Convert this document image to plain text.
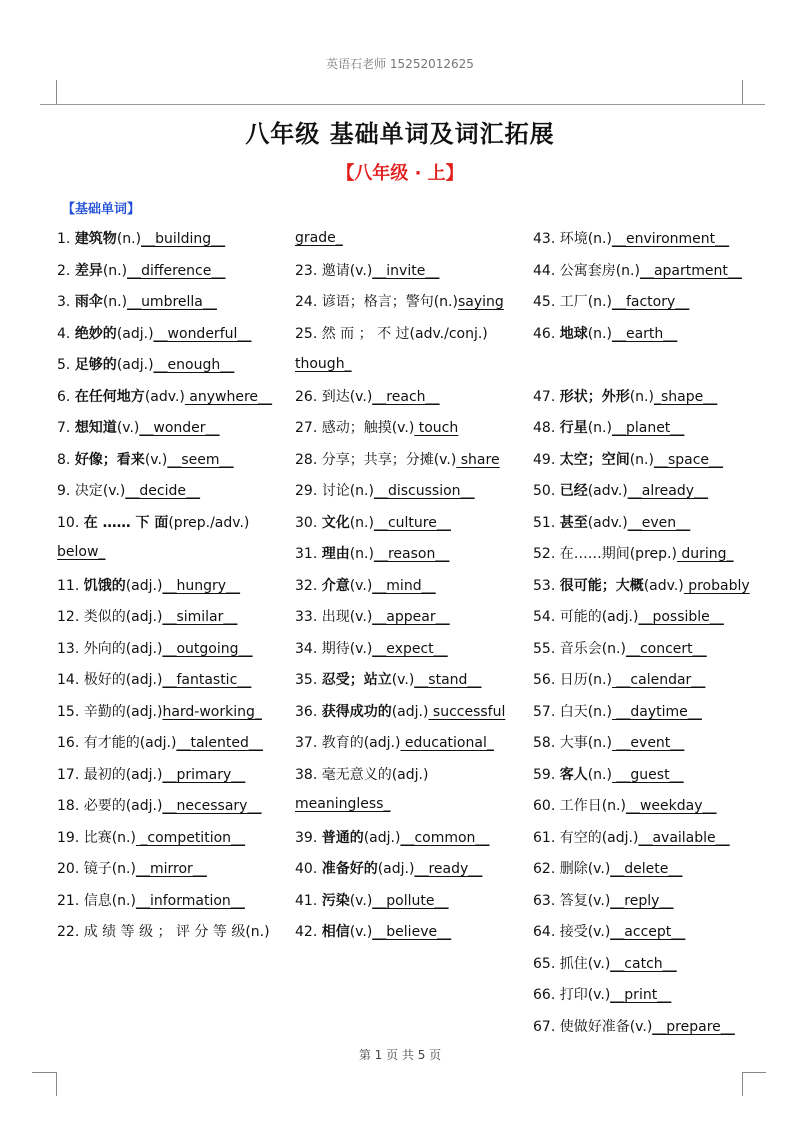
英语石老师 15252012625
八年级 基础单词及词汇拓展
【八年级 · 上】
【基础单词】
1. 建筑物(n.)__building__
2. 差异(n.)__difference__
3. 雨伞(n.)__umbrella__
4. 绝妙的(adj.)__wonderful__
5. 足够的(adj.)__enough__
6. 在任何地方(adv.) anywhere__
7. 想知道(v.)__wonder__
8. 好像；看来(v.)__seem__
9. 决定(v.)__decide__
10. 在 …… 下 面(prep./adv.)
11. 饥饿的(adj.)__hungry__
12. 类似的(adj.)__similar__
13. 外向的(adj.)__outgoing__
14. 极好的(adj.)__fantastic__
15. 辛勤的(adj.)hard-working_
16. 有才能的(adj.)__talented__
17. 最初的(adj.)__primary__
18. 必要的(adj.)__necessary__
19. 比赛(n.) _competition__
20. 镜子(n.)__mirror__
21. 信息(n.)__information__
22. 成 绩 等 级 ； 评 分 等 级(n.)
23. 邀请(v.)__invite__
24. 谚语；格言；警句(n.)saying
25. 然 而 ； 不 过(adv./conj.)
26. 到达(v.)__reach__
27. 感动；触摸(v.) touch
28. 分享；共享；分摊(v.) share
29. 讨论(n.)__discussion__
30. 文化(n.)__culture__
31. 理由(n.)__reason__
32. 介意(v.)__mind__
33. 出现(v.)__appear__
34. 期待(v.)__expect__
35. 忍受；站立(v.)__stand__
36. 获得成功的(adj.) successful
37. 教育的(adj.) educational_
38. 毫无意义的(adj.)
39. 普通的(adj.)__common__
40. 准备好的(adj.)__ready__
41. 污染(v.)__pollute__
42. 相信(v.)__believe__
43. 环境(n.)__environment__
44. 公寓套房(n.)__apartment__
45. 工厂(n.)__factory__
46. 地球(n.)__earth__
47. 形状；外形(n.)_shape__
48. 行星(n.)__planet__
49. 太空；空间(n.)__space__
50. 已经(adv.)__already__
51. 甚至(adv.)__even__
52. 在……期间(prep.) during_
53. 很可能；大概(adv.) probably
54. 可能的(adj.)__possible__
55. 音乐会(n.)__concert__
56. 日历(n.) __calendar__
57. 白天(n.) __daytime__
58. 大事(n.) __event__
59. 客人(n.) __guest__
60. 工作日(n.)__weekday__
61. 有空的(adj.)__available__
62. 删除(v.)__delete__
63. 答复(v.)__reply__
64. 接受(v.)__accept__
65. 抓住(v.)__catch__
66. 打印(v.)__print__
67. 使做好准备(v.)__prepare__
below_
grade_
though_
meaningless_
第 1 页 共 5 页
